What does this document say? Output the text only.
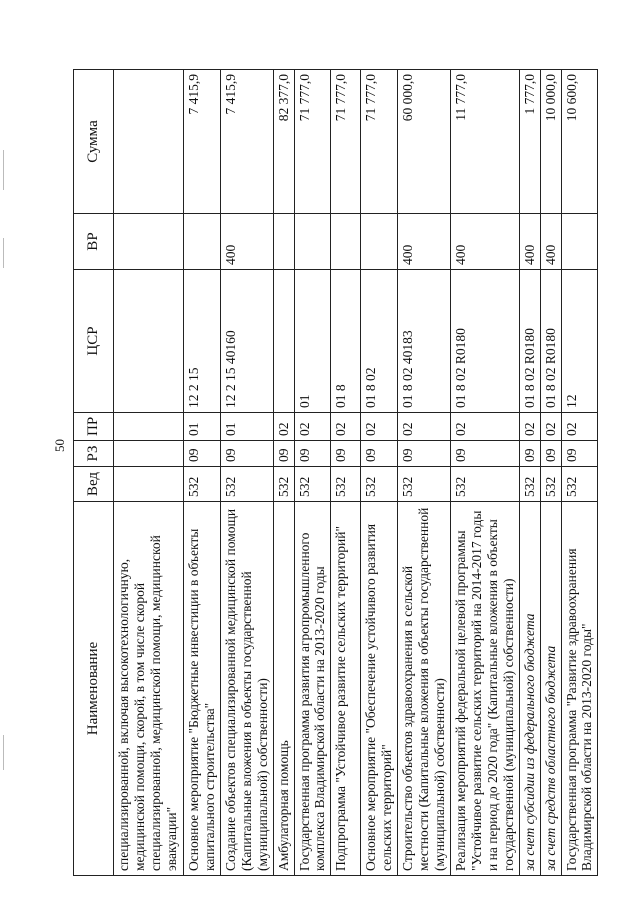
50
Наименование	Вед	РЗ	ПР	ЦСР	ВР	Сумма
специализированной, включая высокотехнологичную, медицинской помощи, скорой, в том числе скорой специализированной, медицинской помощи, медицинской эвакуации"						
Основное мероприятие "Бюджетные инвестиции в объекты капитального строительства"	532	09	01	12 2 15		7 415,9
Создание объектов специализированной медицинской помощи (Капитальные вложения в объекты государственной (муниципальной) собственности)	532	09	01	12 2 15 40160	400	7 415,9
Амбулаторная помощь	532	09	02			82 377,0
Государственная программа развития агропромышленного комплекса Владимирской области на 2013-2020 годы	532	09	02	01		71 777,0
Подпрограмма "Устойчивое развитие сельских территорий"	532	09	02	01 8		71 777,0
Основное мероприятие "Обеспечение устойчивого развития сельских территорий"	532	09	02	01 8 02		71 777,0
Строительство объектов здравоохранения в сельской местности (Капитальные вложения в объекты государственной (муниципальной) собственности)	532	09	02	01 8 02 40183	400	60 000,0
Реализация мероприятий федеральной целевой программы "Устойчивое развитие сельских территорий на 2014-2017 годы и на период до 2020 года" (Капитальные вложения в объекты государственной (муниципальной) собственности)	532	09	02	01 8 02 R0180	400	11 777,0
за счет субсидии из федерального бюджета	532	09	02	01 8 02 R0180	400	1 777,0
за счет средств областного бюджета	532	09	02	01 8 02 R0180	400	10 000,0
Государственная программа "Развитие здравоохранения Владимирской области на 2013-2020 годы"	532	09	02	12		10 600,0
